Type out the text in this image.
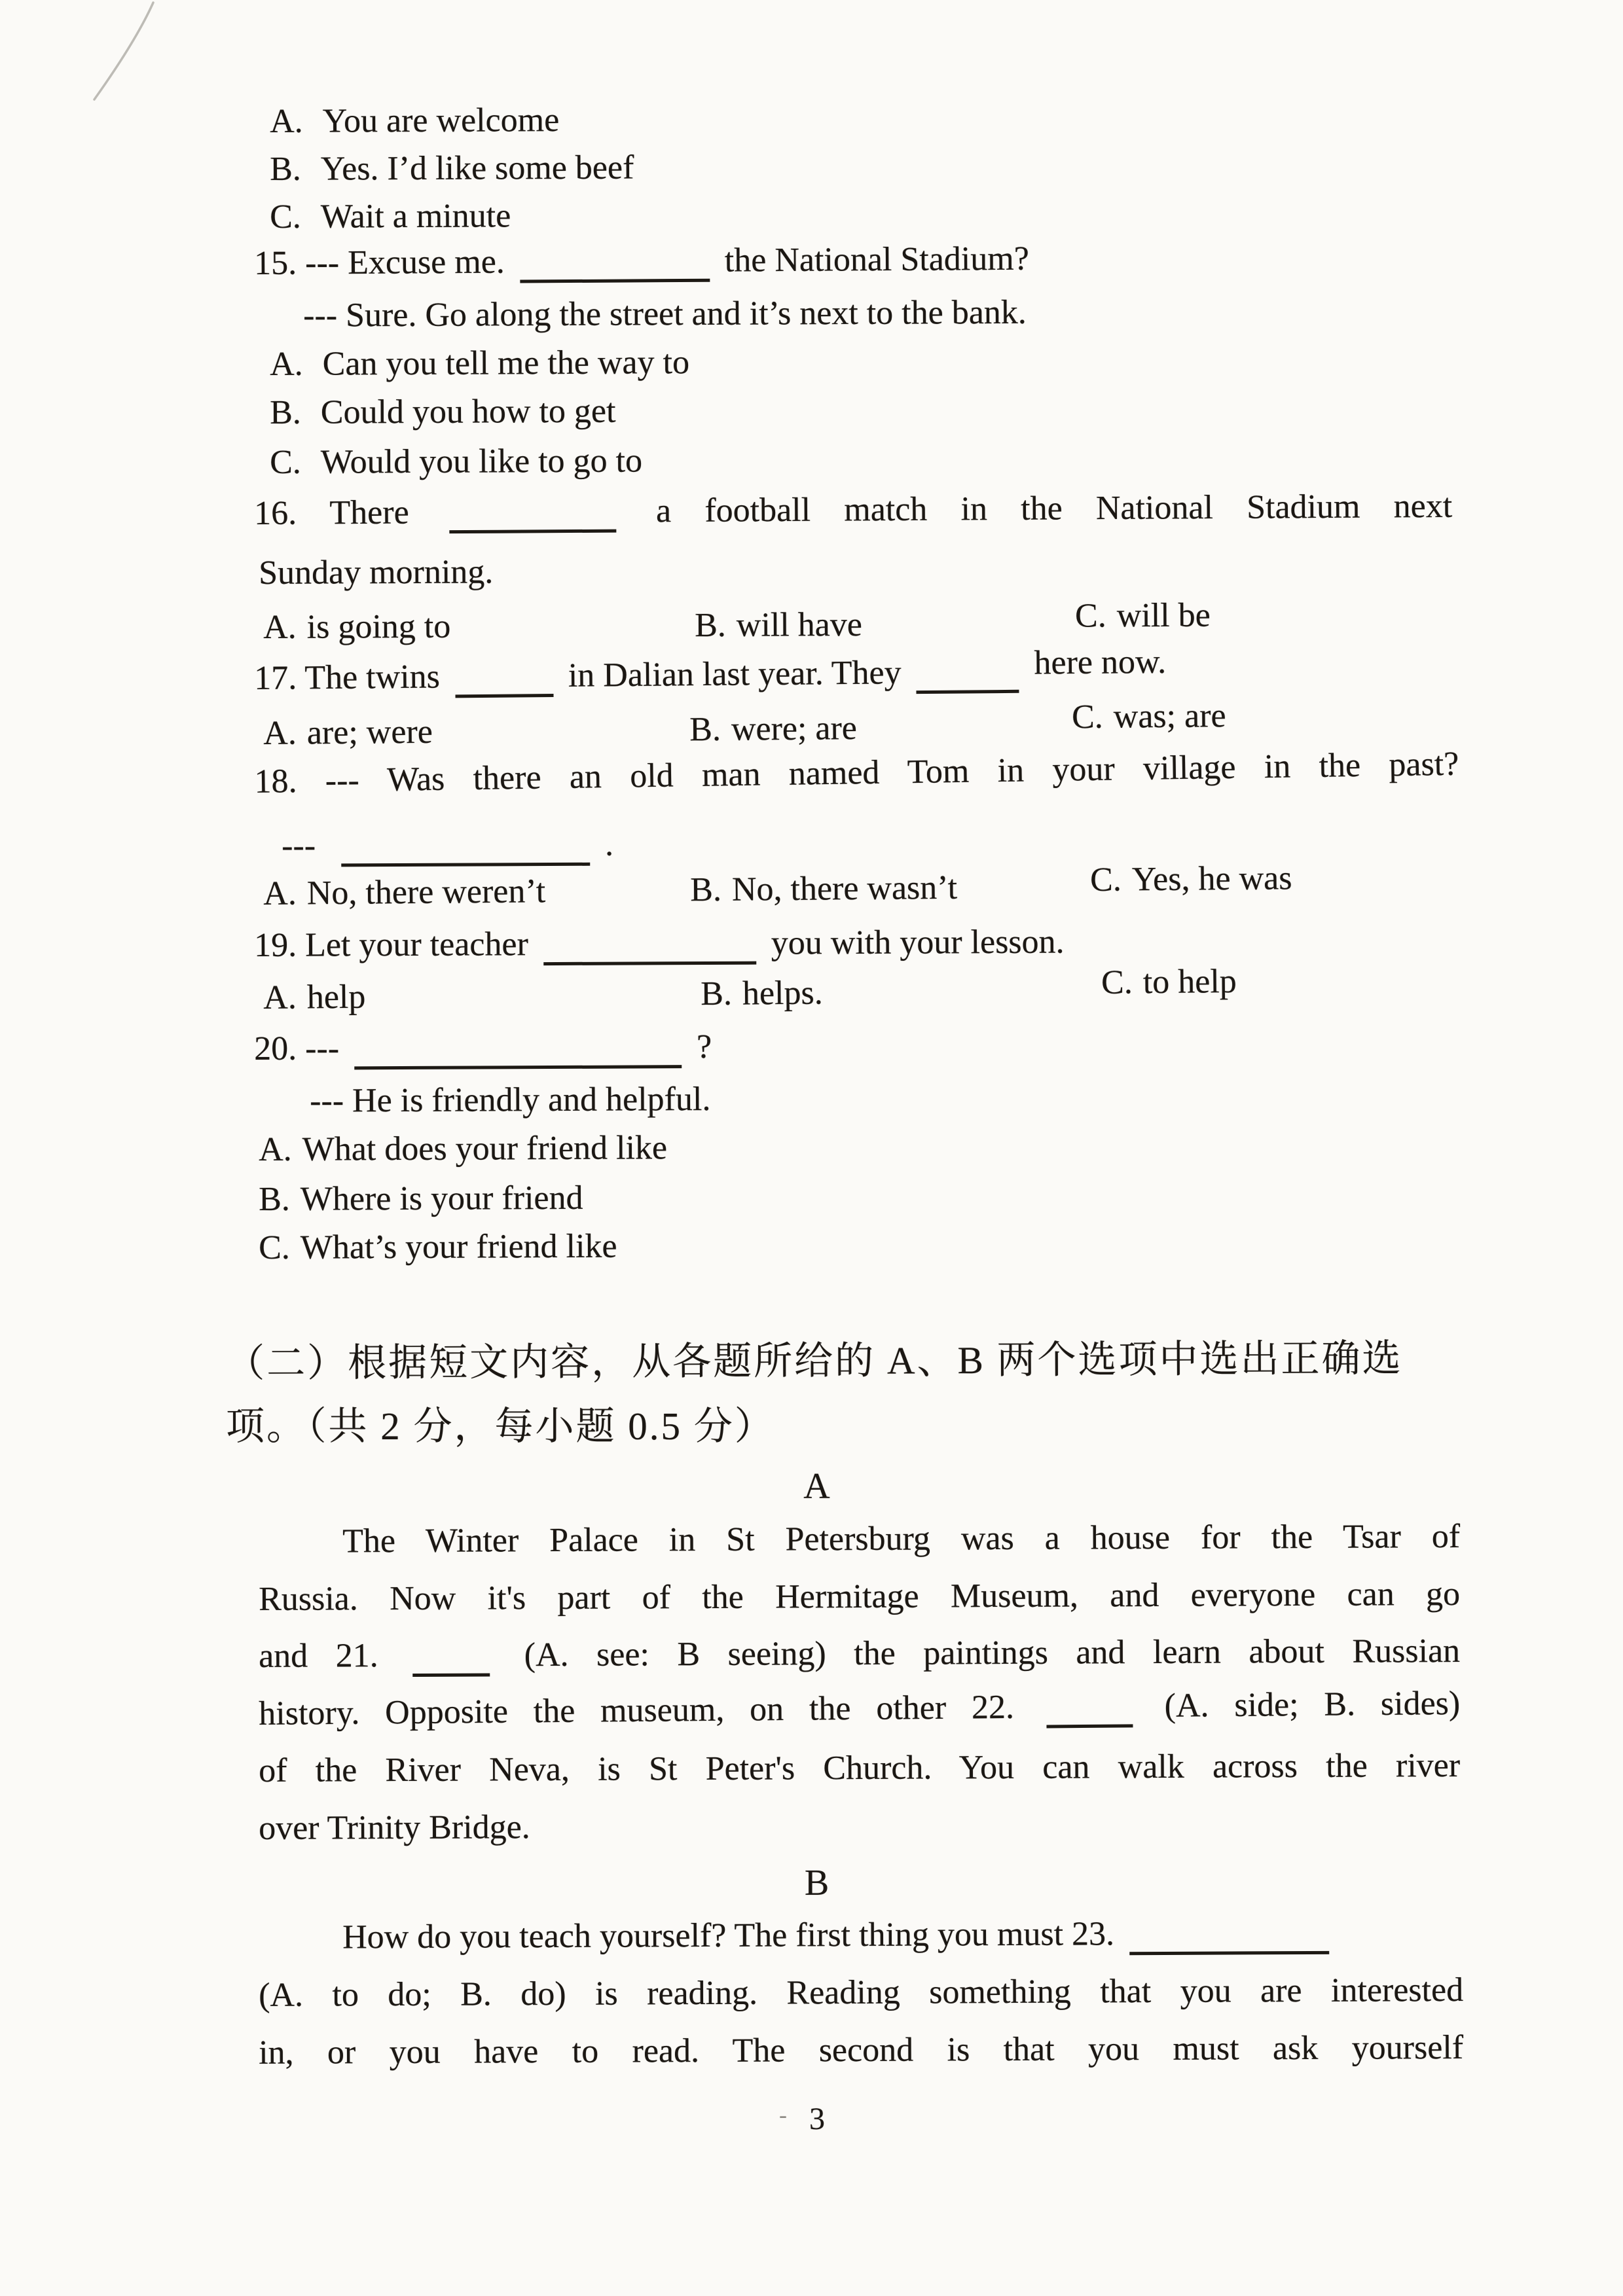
A. You are welcome
B. Yes. I’d like some beef
C. Wait a minute
15. --- Excuse me.	the National Stadium?
--- Sure. Go along the street and it’s next to the bank.
A. Can you tell me the way to
B. Could you how to get
C. Would you like to go to
16. There	a football match in the National Stadium next
Sunday morning.
A. is going to	B. will have	C. will be
17. The twins	in Dalian last year. They	here now.
A. are; were	B. were; are	C. was; are
18. --- Was there an old man named Tom in your village in the past?
---	.
A. No, there weren’t	B. No, there wasn’t	C. Yes, he was
19. Let your teacher	you with your lesson.
A. help	B. helps.	C. to help
20. ---	?
--- He is friendly and helpful.
A. What does your friend like
B. Where is your friend
C. What’s your friend like
（二）根据短文内容，从各题所给的 A、B 两个选项中选出正确选
项。（共 2 分，每小题 0.5 分）
A
The Winter Palace in St Petersburg was a house for the Tsar of
Russia. Now it's part of the Hermitage Museum, and everyone can go
and 21.	(A. see: B seeing) the paintings and learn about Russian
history. Opposite the museum, on the other 22.	(A. side; B. sides)
of the River Neva, is St Peter's Church. You can walk across the river
over Trinity Bridge.
B
How do you teach yourself? The first thing you must 23.
(A. to do; B. do) is reading. Reading something that you are interested
in, or you have to read. The second is that you must ask yourself
- 3
